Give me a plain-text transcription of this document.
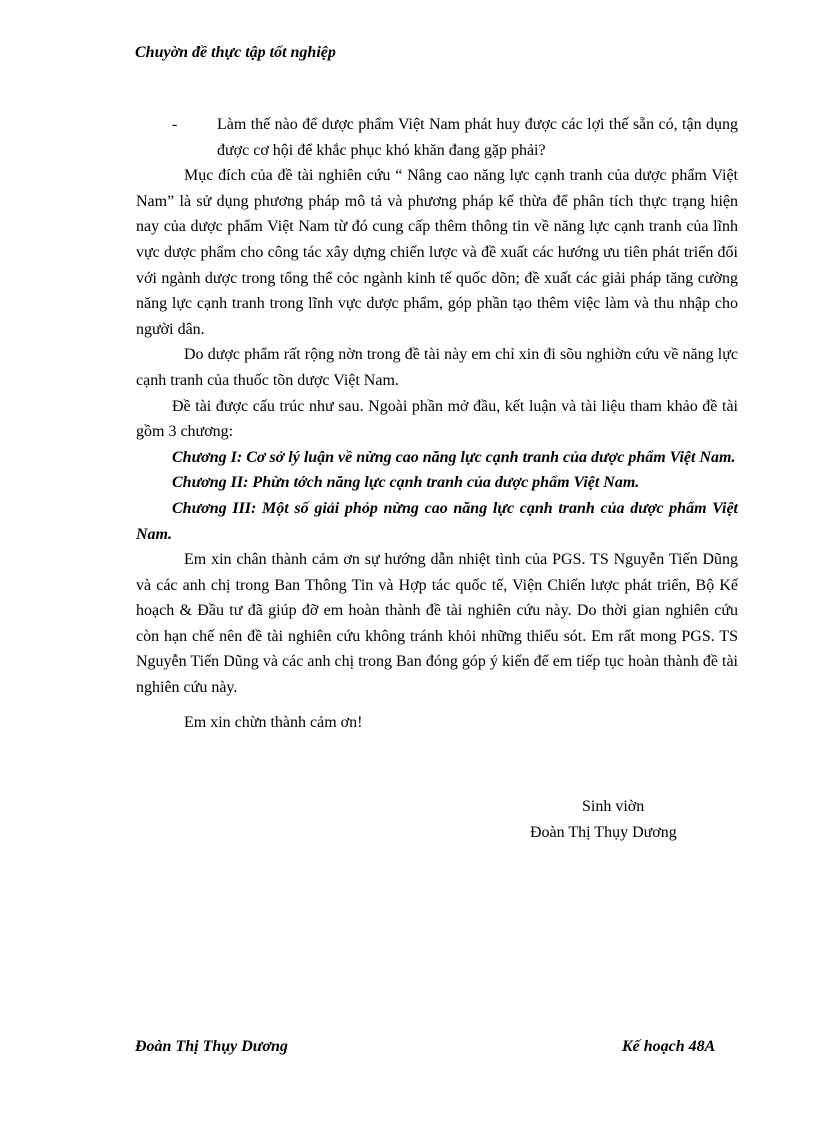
Chuyờn đề thực tập tốt nghiệp
-	Làm thế nào để dược phẩm Việt Nam phát huy được các lợi thế sẵn có, tận dụng được cơ hội để khắc phục khó khăn đang gặp phải?

Mục đích của đề tài nghiên cứu “ Nâng cao năng lực cạnh tranh của dược phẩm Việt Nam” là sử dụng phương pháp mô tả và phương pháp kế thừa để phân tích thực trạng hiện nay của dược phẩm Việt Nam từ đó cung cấp thêm thông tin về năng lực cạnh tranh của lĩnh vực dược phẩm cho công tác xây dựng chiến lược và đề xuất các hướng ưu tiên phát triển đối với ngành dược trong tổng thể cỏc ngành kinh tế quốc dõn; đề xuất các giải pháp tăng cường năng lực cạnh tranh trong lĩnh vực dược phẩm, góp phần tạo thêm việc làm và thu nhập cho người dân.

Do dược phẩm rất rộng nờn trong đề tài này em chỉ xin đi sõu nghiờn cứu về năng lực cạnh tranh của thuốc tõn dược Việt Nam.

Đề tài được cấu trúc như sau. Ngoài phần mở đầu, kết luận và tài liệu tham khảo đề tài gồm 3 chương:

Chương I: Cơ sở lý luận về nừng cao năng lực cạnh tranh của dược phẩm Việt Nam.

Chương II: Phừn tớch năng lực cạnh tranh của dược phẩm Việt Nam.

Chương III: Một số giải phỏp nừng cao năng lực cạnh tranh của dược phẩm Việt Nam.

Em xin chân thành cảm ơn sự hướng dẫn nhiệt tình của PGS. TS Nguyễn Tiến Dũng và các anh chị trong Ban Thông Tin và Hợp tác quốc tế, Viện Chiến lược phát triển, Bộ Kế hoạch & Đầu tư đã giúp đỡ em hoàn thành đề tài nghiên cứu này. Do thời gian nghiên cứu còn hạn chế nên đề tài nghiên cứu không tránh khỏi những thiếu sót. Em rất mong PGS. TS Nguyễn Tiến Dũng và các anh chị trong Ban đóng góp ý kiến để em tiếp tục hoàn thành đề tài nghiên cứu này.

Em xin chừn thành cảm ơn!

Sinh viờn
Đoàn Thị Thụy Dương
Đoàn Thị Thụy Dương	Kế hoạch 48A
